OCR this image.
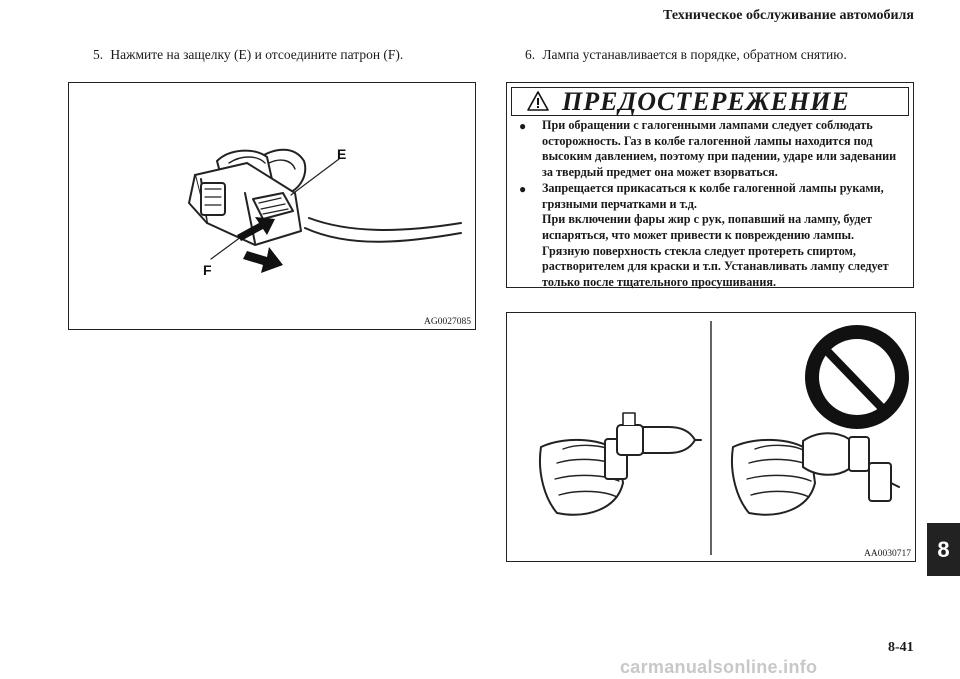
Техническое обслуживание автомобиля
5. Нажмите на защелку (E) и отсоедините патрон (F).	6. Лампа устанавливается в порядке, обратном снятию.
E
F
AG0027085
ПРЕДОСТЕРЕЖЕНИЕ
● При обращении с галогенными лампами следует соблюдать
осторожность. Газ в колбе галогенной лампы находится под
высоким давлением, поэтому при падении, ударе или задевании
за твердый предмет она может взорваться.
● Запрещается прикасаться к колбе галогенной лампы руками,
грязными перчатками и т.д.
При включении фары жир с рук, попавший на лампу, будет
испаряться, что может привести к повреждению лампы.
Грязную поверхность стекла следует протереть спиртом,
растворителем для краски и т.п. Устанавливать лампу следует
только после тщательного просушивания.
AA0030717	8
8-41
carmanualsonline.info
